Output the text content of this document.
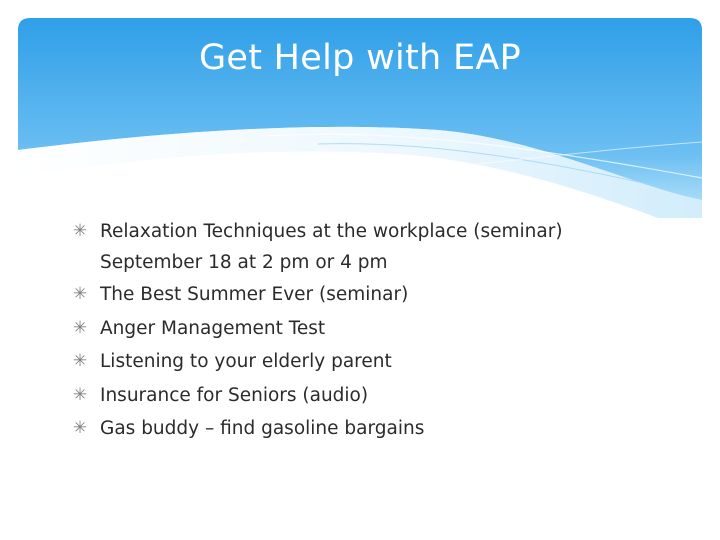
Get Help with EAP
✳ Relaxation Techniques at the workplace (seminar)
September 18 at 2 pm or 4 pm
✳ The Best Summer Ever (seminar)
✳ Anger Management Test
✳ Listening to your elderly parent
✳ Insurance for Seniors (audio)
✳ Gas buddy – find gasoline bargains
